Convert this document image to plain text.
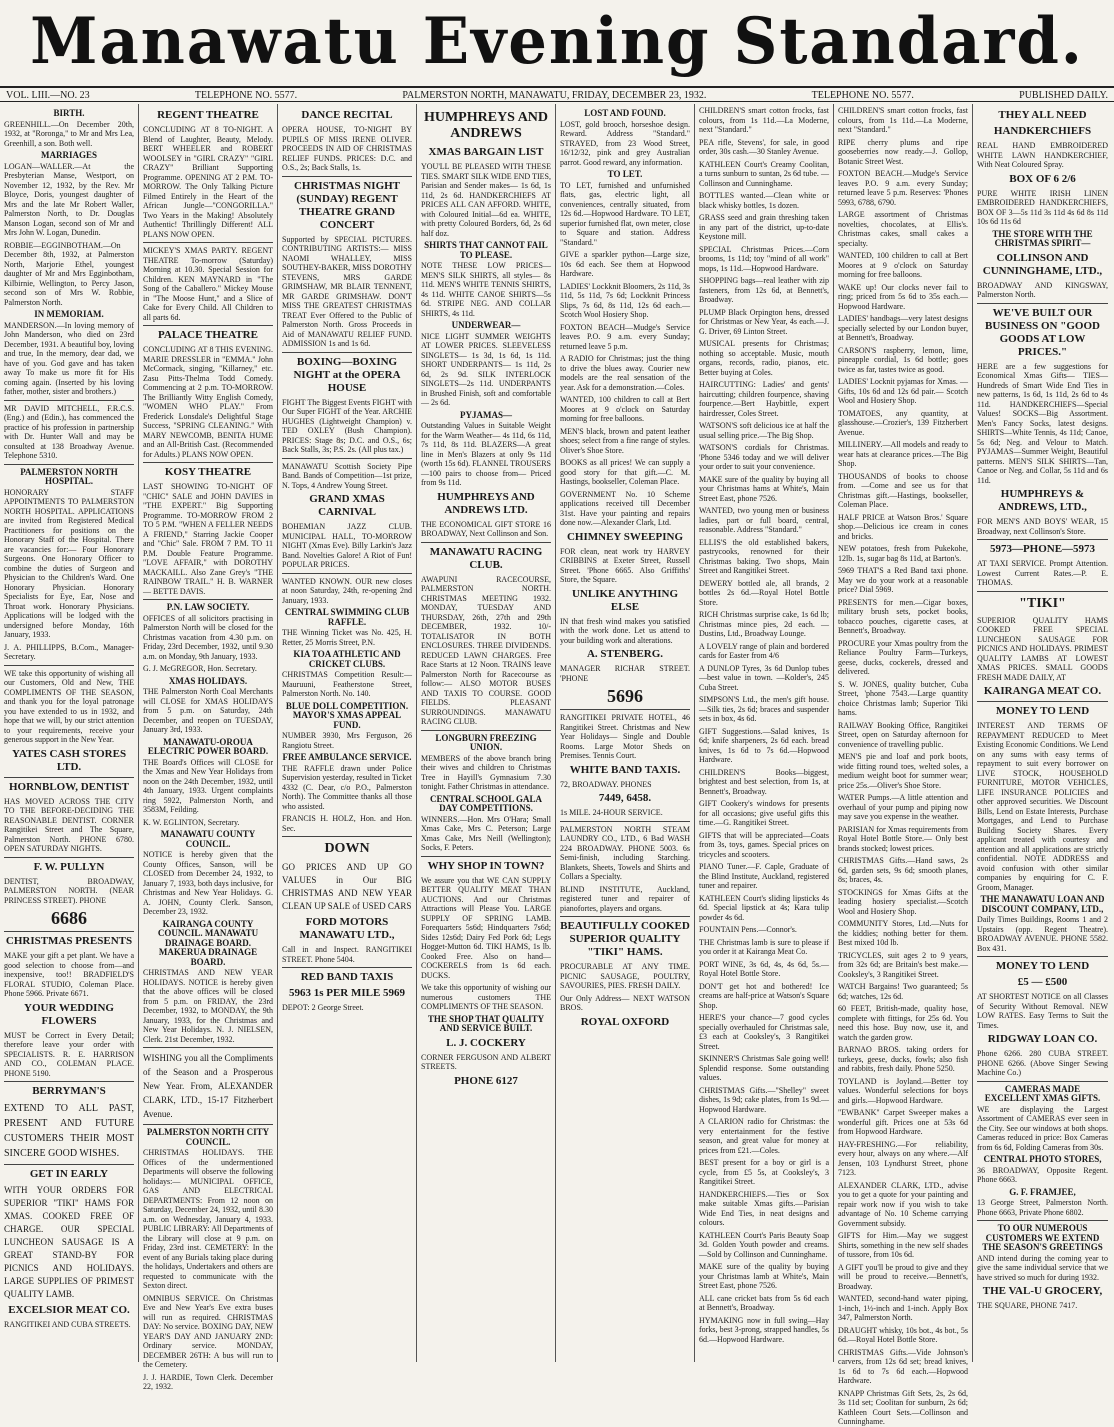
Manawatu Evening Standard.
VOL. LIII.—NO. 23	TELEPHONE NO. 5577.	PALMERSTON NORTH, MANAWATU, FRIDAY, DECEMBER 23, 1932.	TELEPHONE NO. 5577.	PUBLISHED DAILY.
BIRTH.

GREENHILL.—On December 20th, 1932, at "Roronga," to Mr and Mrs Lea, Greenhill, a son. Both well.

MARRIAGES

LOGAN—WALLER.—At the Presbyterian Manse, Westport, on November 12, 1932, by the Rev. Mr Bloyce, Doris, youngest daughter of Mrs and the late Mr Robert Waller, Palmerston North, to Dr. Douglas Manson Logan, second son of Mr and Mrs John W. Logan, Dunedin.

ROBBIE—EGGINBOTHAM.—On December 8th, 1932, at Palmerston North, Marjorie Ethel, youngest daughter of Mr and Mrs Egginbotham, Kilbirnie, Wellington, to Percy Jason, second son of Mrs W. Robbie, Palmerston North.

IN MEMORIAM.

MANDERSON.—In loving memory of John Manderson, who died on 23rd December, 1931. A beautiful boy, loving and true, In the memory, dear dad, we have of you. God gave and has taken away To make us more fit for His coming again. (Inserted by his loving father, mother, sister and brothers.)

MR DAVID MITCHELL, F.R.C.S. (Eng.) and (Edin.), has commenced the practice of his profession in partnership with Dr. Hunter Wall and may be consulted at 138 Broadway Avenue. Telephone 5310.

PALMERSTON NORTH HOSPITAL.

HONORARY STAFF APPOINTMENTS TO PALMERSTON NORTH HOSPITAL. APPLICATIONS are invited from Registered Medical Practitioners for positions on the Honorary Staff of the Hospital. There are vacancies for:— Four Honorary Surgeons. One Honorary Officer to combine the duties of Surgeon and Physician to the Children's Ward. One Honorary Physician. Honorary Specialists for Eye, Ear, Nose and Throat work. Honorary Physicians. Applications will be lodged with the undersigned before Monday, 16th January, 1933.

J. A. PHILLIPPS, B.Com., Manager-Secretary.

WE take this opportunity of wishing all our Customers, Old and New, THE COMPLIMENTS OF THE SEASON, and thank you for the loyal patronage you have extended to us in 1932, and hope that we will, by our strict attention to your requirements, receive your generous support in the New Year.

YATES CASH STORES LTD.
HORNBLOW, DENTIST

HAS MOVED ACROSS THE CITY TO THE BEFORE-DECIDING THE REASONABLE DENTIST. CORNER Rangitikei Street and The Square, Palmerston North. PHONE 6780. OPEN SATURDAY NIGHTS.

F. W. PULLYN

DENTIST, BROADWAY, PALMERSTON NORTH. (NEAR PRINCESS STREET). PHONE

6686
CHRISTMAS PRESENTS

MAKE your gift a pet plant. We have a good selection to choose from—and inexpensive, too!! BRADFIELD'S FLORAL STUDIO, Coleman Place. Phone 5966. Private 6671.

YOUR WEDDING FLOWERS

MUST be Correct in Every Detail; therefore leave your order with SPECIALISTS. R. E. HARRISON AND CO., COLEMAN PLACE. PHONE 5190.

BERRYMAN'S

EXTEND TO ALL PAST, PRESENT AND FUTURE CUSTOMERS THEIR MOST SINCERE GOOD WISHES.

GET IN EARLY

WITH YOUR ORDERS FOR SUPERIOR "TIKI" HAMS FOR XMAS. COOKED FREE OF CHARGE. OUR SPECIAL LUNCHEON SAUSAGE IS A GREAT STAND-BY FOR PICNICS AND HOLIDAYS. LARGE SUPPLIES OF PRIMEST QUALITY LAMB.

EXCELSIOR MEAT CO.

RANGITIKEI AND CUBA STREETS.

REGENT THEATRE

CONCLUDING AT 8 TO-NIGHT. A Blend of Laughter, Beauty, Melody. BERT WHEELER and ROBERT WOOLSEY in "GIRL CRAZY" "GIRL CRAZY" Brilliant Supporting Programme. OPENING AT 2 P.M. TO-MORROW. The Only Talking Picture Filmed Entirely in the Heart of the African Jungle—"CONGORILLA." Two Years in the Making! Absolutely Authentic! Thrillingly Different! ALL PLANS NOW OPEN.

MICKEY'S XMAS PARTY. REGENT THEATRE To-morrow (Saturday) Morning at 10.30. Special Session for Children. KEN MAYNARD in "The Song of the Caballero." Mickey Mouse in "The Moose Hunt," and a Slice of Cake for Every Child. All Children to all parts 6d.

PALACE THEATRE

CONCLUDING AT 8 THIS EVENING. MARIE DRESSLER in "EMMA." John McCormack, singing, "Killarney," etc. Zasu Pitts-Thelma Todd Comedy. Commencing at 2 p.m. TO-MORROW. The Brilliantly Witty English Comedy, "WOMEN WHO PLAY." From Frederick Lonsdale's Delightful Stage Success, "SPRING CLEANING." With MARY NEWCOMB, BENITA HUME and an All-British Cast. (Recommended for Adults.) PLANS NOW OPEN.

KOSY THEATRE

LAST SHOWING TO-NIGHT OF "CHIC" SALE and JOHN DAVIES in "THE EXPERT." Big Supporting Programme. TO-MORROW FROM 2 TO 5 P.M. "WHEN A FELLER NEEDS A FRIEND," Starring Jackie Cooper and "Chic" Sale. FROM 7 P.M. TO 11 P.M. Double Feature Programme. "LOVE AFFAIR," with DOROTHY MACKAILL. Also Zane Grey's "THE RAINBOW TRAIL." H. B. WARNER — BETTE DAVIS.

P.N. LAW SOCIETY.

OFFICES of all solicitors practising in Palmerston North will be closed for the Christmas vacation from 4.30 p.m. on Friday, 23rd December, 1932, until 9.30 a.m. on Monday, 9th January, 1933.

G. J. McGREGOR, Hon. Secretary.

XMAS HOLIDAYS.

THE Palmerston North Coal Merchants will CLOSE for XMAS HOLIDAYS from 5 p.m. on Saturday, 24th December, and reopen on TUESDAY, January 3rd, 1933.

MANAWATU-OROUA ELECTRIC POWER BOARD.

THE Board's Offices will CLOSE for the Xmas and New Year Holidays from noon on the 24th December, 1932, until 4th January, 1933. Urgent complaints ring 5922, Palmerston North, and 3583M, Feilding.

K. W. EGLINTON, Secretary.

MANAWATU COUNTY COUNCIL.

NOTICE is hereby given that the County Offices, Sanson, will be CLOSED from December 24, 1932, to January 7, 1933, both days inclusive, for Christmas and New Year Holidays. G. A. JOHN, County Clerk. Sanson, December 23, 1932.

KAIRANGA COUNTY COUNCIL. MANAWATU DRAINAGE BOARD. MAKERUA DRAINAGE BOARD.

CHRISTMAS AND NEW YEAR HOLIDAYS. NOTICE is hereby given that the above offices will be closed from 5 p.m. on FRIDAY, the 23rd December, 1932, to MONDAY, the 9th January, 1933, for the Christmas and New Year Holidays. N. J. NIELSEN, Clerk. 21st December, 1932.

WISHING you all the Compliments of the Season and a Prosperous New Year. From, ALEXANDER CLARK, LTD., 15-17 Fitzherbert Avenue.

PALMERSTON NORTH CITY COUNCIL.

CHRISTMAS HOLIDAYS. THE Offices of the undermentioned Departments will observe the following holidays:— MUNICIPAL OFFICE, GAS AND ELECTRICAL DEPARTMENTS: From 12 noon on Saturday, December 24, 1932, until 8.30 a.m. on Wednesday, January 4, 1933. PUBLIC LIBRARY: All Departments of the Library will close at 9 p.m. on Friday, 23rd inst. CEMETERY: In the event of any Burials taking place during the holidays, Undertakers and others are requested to communicate with the Sexton direct.

OMNIBUS SERVICE. On Christmas Eve and New Year's Eve extra buses will run as required. CHRISTMAS DAY: No service. BOXING DAY, NEW YEAR'S DAY AND JANUARY 2ND: Ordinary service. MONDAY, DECEMBER 26TH: A bus will run to the Cemetery.

J. J. HARDIE, Town Clerk. December 22, 1932.

DANCE RECITAL

OPERA HOUSE, TO-NIGHT BY PUPILS OF MISS IRENE OLIVER. PROCEEDS IN AID OF CHRISTMAS RELIEF FUNDS. PRICES: D.C. and O.S., 2s; Back Stalls, 1s.

CHRISTMAS NIGHT (SUNDAY) REGENT THEATRE GRAND CONCERT

Supported by SPECIAL PICTURES. CONTRIBUTING ARTISTS:— MISS NAOMI WHALLEY, MISS SOUTHEY-BAKER, MISS DOROTHY STEVENS, MRS GARDE GRIMSHAW, MR BLAIR TENNENT, MR GARDE GRIMSHAW. DON'T MISS THE GREATEST CHRISTMAS TREAT Ever Offered to the Public of Palmerston North. Gross Proceeds in Aid of MANAWATU RELIEF FUND. ADMISSION 1s and 1s 6d.

BOXING—BOXING NIGHT at the OPERA HOUSE

FIGHT The Biggest Events FIGHT with Our Super FIGHT of the Year. ARCHIE HUGHES (Lightweight Champion) v. TED OXLEY (Bush Champion). PRICES: Stage 8s; D.C. and O.S., 6s; Back Stalls, 3s; P.S. 2s. (All plus tax.)

MANAWATU Scottish Society Pipe Band. Bands of Competition—1st prize, N. Tops, 4 Andrew Young Street.

GRAND XMAS CARNIVAL

BOHEMIAN JAZZ CLUB. MUNICIPAL HALL, TO-MORROW NIGHT (Xmas Eve). Billy Larkin's Jazz Band. Novelties Galore! A Riot of Fun! POPULAR PRICES.

WANTED KNOWN. OUR new closes at noon Saturday, 24th, re-opening 2nd January, 1933.

CENTRAL SWIMMING CLUB RAFFLE.

THE Winning Ticket was No. 425, H. Retter, 25 Morris Street, P.N.

KIA TOA ATHLETIC AND CRICKET CLUBS.

CHRISTMAS Competition Result:— Mauruuni, Featherstone Street, Palmerston North. No. 140.

BLUE DOLL COMPETITION. MAYOR'S XMAS APPEAL FUND.

NUMBER 3930, Mrs Ferguson, 26 Rangiotu Street.

FREE AMBULANCE SERVICE.

THE RAFFLE drawn under Police Supervision yesterday, resulted in Ticket 4332 (C. Dear, c/o P.O., Palmerston North). The Committee thanks all those who assisted.

FRANCIS H. HOLZ, Hon. and Hon. Sec.

DOWN

GO PRICES AND UP GO VALUES in Our BIG CHRISTMAS AND NEW YEAR CLEAN UP SALE of USED CARS

FORD MOTORS MANAWATU LTD.,

Call in and Inspect. RANGITIKEI STREET. Phone 5404.

RED BAND TAXIS
5963 1s PER MILE 5969

DEPOT: 2 George Street.

HUMPHREYS AND ANDREWS
XMAS BARGAIN LIST

YOU'LL BE PLEASED WITH THESE TIES. SMART SILK WIDE END TIES, Parisian and Sender makes— 1s 6d, 1s 11d, 2s 6d. HANDKERCHIEFS AT PRICES ALL CAN AFFORD. WHITE, with Coloured Initial—6d ea. WHITE, with pretty Coloured Borders, 6d, 2s 6d half doz.

SHIRTS THAT CANNOT FAIL TO PLEASE.

NOTE THESE LOW PRICES— MEN'S SILK SHIRTS, all styles— 8s 11d. MEN'S WHITE TENNIS SHIRTS, 4s 11d. WHITE CANOE SHIRTS—5s 6d. STRIPE NEG. AND COLLAR SHIRTS, 4s 11d.

UNDERWEAR—

NICE LIGHT SUMMER WEIGHTS AT LOWER PRICES. SLEEVELESS SINGLETS— 1s 3d, 1s 6d, 1s 11d. SHORT UNDERPANTS— 1s 11d, 2s 6d, 2s 9d. SILK INTERLOCK SINGLETS—2s 11d. UNDERPANTS in Brushed Finish, soft and comfortable— 2s 6d.

PYJAMAS—

Outstanding Values in Suitable Weight for the Warm Weather— 4s 11d, 6s 11d, 7s 11d, 8s 11d. BLAZERS—A great line in Men's Blazers at only 9s 11d (worth 15s 6d). FLANNEL TROUSERS—100 pairs to choose from— Priced from 9s 11d.

HUMPHREYS AND ANDREWS LTD.

THE ECONOMICAL GIFT STORE 16 BROADWAY, Next Collinson and Son.

MANAWATU RACING CLUB.

AWAPUNI RACECOURSE, PALMERSTON NORTH. CHRISTMAS MEETING 1932. MONDAY, TUESDAY AND THURSDAY, 26th, 27th and 29th DECEMBER, 1932. 10/- TOTALISATOR IN BOTH ENCLOSURES. THREE DIVIDENDS. REDUCED LAWN CHARGES. Free Race Starts at 12 Noon. TRAINS leave Palmerston North for Racecourse as follow:— ALSO MOTOR BUSES AND TAXIS TO COURSE. GOOD FIELDS. PLEASANT SURROUNDINGS. MANAWATU RACING CLUB.

LONGBURN FREEZING UNION.

MEMBERS of the above branch bring their wives and children to Christmas Tree in Hayill's Gymnasium 7.30 tonight. Father Christmas in attendance.

CENTRAL SCHOOL GALA DAY COMPETITIONS.

WINNERS.—Hon. Mrs O'Hara; Small Xmas Cake, Mrs C. Peterson; Large Xmas Cake, Mrs Neill (Wellington); Socks, F. Peters.

WHY SHOP IN TOWN?

We assure you that WE CAN SUPPLY BETTER QUALITY MEAT THAN AUCTIONS. And our Christmas Attractions will Please You. LARGE SUPPLY OF SPRING LAMB. Forequarters 5s6d; Hindquarters 7s6d; Sides 12s6d; Dairy Fed Pork 6d; Legs Hogget-Mutton 6d. TIKI HAMS, 1s lb. Cooked Free. Also on hand— COCKERELS from 1s 6d each. DUCKS.

We take this opportunity of wishing our numerous customers THE COMPLIMENTS OF THE SEASON.

THE SHOP THAT QUALITY AND SERVICE BUILT.
L. J. COCKERY

CORNER FERGUSON AND ALBERT STREETS.

PHONE 6127
LOST AND FOUND.

LOST, gold brooch, horseshoe design. Reward. Address "Standard." STRAYED, from 23 Wood Street, 16/12/32, pink and grey Australian parrot. Good reward, any information.

TO LET.

TO LET, furnished and unfurnished flats, gas, electric light, all conveniences, centrally situated, from 12s 6d.—Hopwood Hardware. TO LET, superior furnished flat, own meter, close to Square and station. Address "Standard."

GIVE a sparkler python—Large size, 10s 6d each. See them at Hopwood Hardware.

LADIES' Lockknit Bloomers, 2s 11d, 3s 11d, 5s 11d, 7s 6d; Lockknit Princess Slips, 7s 6d, 8s 11d, 12s 6d each.— Scotch Wool Hosiery Shop.

FOXTON BEACH—Mudge's Service leaves P.O. 9 a.m. every Sunday; returned leave 5 p.m.

A RADIO for Christmas; just the thing to drive the blues away. Courier new models are the real sensation of the year. Ask for a demonstration.—Coles.

WANTED, 100 children to call at Bert Moores at 9 o'clock on Saturday morning for free balloons.

MEN'S black, brown and patent leather shoes; select from a fine range of styles. Oliver's Shoe Store.

BOOKS as all prices! We can supply a good story for that gift.—C. M. Hastings, bookseller, Coleman Place.

GOVERNMENT No. 10 Scheme applications received till December 31st. Have your painting and repairs done now.—Alexander Clark, Ltd.

CHIMNEY SWEEPING

FOR clean, neat work try HARVEY CRIBBINS at Exeter Street, Russell Street. 'Phone 6665. Also Griffiths' Store, the Square.

UNLIKE ANYTHING ELSE

IN that fresh wind makes you satisfied with the work done. Let us attend to your building work and alterations.

A. STENBERG.

MANAGER RICHAR STREET. 'PHONE

5696

RANGITIKEI PRIVATE HOTEL, 46 Rangitikei Street. Christmas and New Year Holidays— Single and Double Rooms. Large Motor Sheds on Premises. Tennis Court.

WHITE BAND TAXIS.

72, BROADWAY. PHONES

7449, 6458.

1s MILE. 24-HOUR SERVICE.

PALMERSTON NORTH STEAM LAUNDRY CO., LTD., 6 Bad WASH 224 BROADWAY. PHONE 5003. 6s Semi-finish, including Starching. Blankets, Sheets, Towels and Shirts and Collars a Specialty.

BLIND INSTITUTE, Auckland, registered tuner and repairer of pianofortes, players and organs.

BEAUTIFULLY COOKED SUPERIOR QUALITY "TIKI" HAMS.

PROCURABLE AT ANY TIME. PICNIC SAUSAGE, POULTRY, SAVOURIES, PIES. FRESH DAILY.

Our Only Address— NEXT WATSON BROS.

ROYAL OXFORD

CHILDREN'S smart cotton frocks, fast colours, from 1s 11d.—La Moderne, next "Standard."

PEA rifle, Stevens', for sale, in good order, 30s cash.—30 Stanley Avenue.

KATHLEEN Court's Creamy Coolitan, a turns sunburn to suntan, 2s 6d tube. —Collinson and Cunninghame.

BOTTLES wanted.—Clean white or black whisky bottles, 1s dozen.

GRASS seed and grain threshing taken in any part of the district, up-to-date Keystone mill.

SPECIAL Christmas Prices.—Corn brooms, 1s 11d; toy "mind of all work" mops, 1s 11d.—Hopwood Hardware.

SHOPPING bags—real leather with zip fasteners, from 12s 6d, at Bennett's, Broadway.

PLUMP Black Orpington hens, dressed for Christmas or New Year, 4s each.—J. G. Driver, 69 Linton Street.

MUSICAL presents for Christmas; nothing so acceptable. Music, mouth organs, records, radio, pianos, etc. Better buying at Coles.

HAIRCUTTING: Ladies' and gents' haircutting; children fourpence, shaving fourpence.—Bert Haybittle, expert hairdresser, Coles Street.

WATSON'S soft delicious ice at half the usual selling price.—The Big Shop.

WATSON'S cordials for Christmas. 'Phone 5346 today and we will deliver your order to suit your convenience.

MAKE sure of the quality by buying all your Christmas hams at White's, Main Street East, phone 7526.

WANTED, two young men or business ladies, part or full board, central, reasonable. Address "Standard."

ELLIS'S the old established bakers, pastrycooks, renowned for their Christmas baking. Two shops, Main Street and Rangitikei Street.

DEWERY bottled ale, all brands, 2 bottles 2s 6d.—Royal Hotel Bottle Store.

RICH Christmas surprise cake, 1s 6d lb; Christmas mince pies, 2d each. —Dustins, Ltd., Broadway Lounge.

A LOVELY range of plain and bordered cards for Easter from 4/6

A DUNLOP Tyres, 3s 6d Dunlop tubes—best value in town. —Kolder's, 245 Cuba Street.

SIMPSON'S Ltd., the men's gift house. —Silk ties, 2s 6d; braces and suspender sets in box, 4s 6d.

GIFT Suggestions.—Salad knives, 1s 6d; knife sharpeners, 2s 6d each. bread knives, 1s 6d to 7s 6d.—Hopwood Hardware.

CHILDREN'S Books—biggest, brightest and best selection, from 1s, at Bennett's, Broadway.

GIFT Cookery's windows for presents for all occasions; give useful gifts this time.—G. Rangitikei Street.

GIFTS that will be appreciated—Coats from 3s, toys, games. Special prices on tricycles and scooters.

PIANO Tuner.—F. Caple, Graduate of the Blind Institute, Auckland, registered tuner and repairer.

KATHLEEN Court's sliding lipsticks 4s 6d. Special lipstick at 4s; Kara tulip powder 4s 6d.

FOUNTAIN Pens.—Connor's.

THE Christmas lamb is sure to please if you order it at Kairanga Meat Co.

PORT WINE, 3s 6d, 4s, 4s 6d, 5s.— Royal Hotel Bottle Store.

DON'T get hot and bothered! Ice creams are half-price at Watson's Square Shop.

HERE'S your chance—7 good cycles specially overhauled for Christmas sale, £3 each at Cooksley's, 3 Rangitikei Street.

SKINNER'S Christmas Sale going well! Splendid response. Some outstanding values.

CHRISTMAS Gifts.—"Shelley" sweet dishes, 1s 9d; cake plates, from 1s 9d.—Hopwood Hardware.

A CLARION radio for Christmas: the very entertainment for the festive season, and great value for money at prices from £21.—Coles.

BEST present for a boy or girl is a cycle, from £5 5s, at Cooksley's, 3 Rangitikei Street.

HANDKERCHIEFS.—Ties or Sox make suitable Xmas gifts.—Parisian Wide End Ties, in neat designs and colours.

KATHLEEN Court's Paris Beauty Soap 3d. Golden Youth powder and creams.—Sold by Collinson and Cunninghame.

MAKE sure of the quality by buying your Christmas lamb at White's, Main Street East, phone 7526.

ALL cane cricket bats from 5s 6d each at Bennett's, Broadway.

HYMAKING now in full swing—Hay forks, best 3-prong, strapped handles, 5s 6d.—Hopwood Hardware.

CHILDREN'S smart cotton frocks, fast colours, from 1s 11d.—La Moderne, next "Standard."

RIPE cherry plums and ripe gooseberries now ready.—J. Gollop, Botanic Street West.

FOXTON BEACH.—Mudge's Service leaves P.O. 9 a.m. every Sunday; returned leave 5 p.m. Reserves: 'Phones 5993, 6788, 6790.

LARGE assortment of Christmas novelties, chocolates, at Ellis's. Christmas cakes, small cakes a specialty.

WANTED, 100 children to call at Bert Moores at 9 o'clock on Saturday morning for free balloons.

WAKE up! Our clocks never fail to ring; priced from 5s 6d to 35s each.—Hopwood Hardware.

LADIES' handbags—very latest designs specially selected by our London buyer, at Bennett's, Broadway.

CARSON'S raspberry, lemon, lime, pineapple cordial, 1s 6d bottle; goes twice as far, tastes twice as good.

LADIES' Locknit pyjamas for Xmas. —Gifts, 10s 6d and 12s 6d pair.— Scotch Wool and Hosiery Shop.

TOMATOES, any quantity, at glasshouse.—Crozier's, 139 Fitzherbert Avenue.

MILLINERY.—All models and ready to wear hats at clearance prices.—The Big Shop.

THOUSANDS of books to choose from. —Come and see us for that Christmas gift.—Hastings, bookseller, Coleman Place.

HALF PRICE at Watson Bros.' Square shop.—Delicious ice cream in cones and bricks.

NEW potatoes, fresh from Pukekohe, 12lb. 1s, sugar bag 8s 11d, at Barton's.

5969 THAT'S a Red Band taxi phone. May we do your work at a reasonable price? Dial 5969.

PRESENTS for men.—Cigar boxes, military brush sets, pocket books, tobacco pouches, cigarette cases, at Bennett's, Broadway.

PROCURE your Xmas poultry from the Reliance Poultry Farm—Turkeys, geese, ducks, cockerels, dressed and delivered.

S. W. JONES, quality butcher, Cuba Street, 'phone 7543.—Large quantity choice Christmas lamb; Superior Tiki hams.

RAILWAY Booking Office, Rangitikei Street, open on Saturday afternoon for convenience of travelling public.

MEN'S pie and loaf and pork boots, wide fitting round toes, welted soles, a medium weight boot for summer wear; price 25s.—Oliver's Shoe Store.

WATER Pumps.—A little attention and overhaul of your pump and piping now may save you expense in the weather.

PARISIAN for Xmas requirements from Royal Hotel Bottle Store.— Only best brands stocked; lowest prices.

CHRISTMAS Gifts.—Hand saws, 2s 6d, garden sets, 9s 6d; smooth planes, 8s; braces, 4s.

STOCKINGS for Xmas Gifts at the leading hosiery specialist.—Scotch Wool and Hosiery Shop.

COMMUNITY Stores, Ltd.—Nuts for the kiddies; nothing better for them. Best mixed 10d lb.

TRICYCLES, suit ages 2 to 9 years, from 32s 6d; are Britain's best make.—Cooksley's, 3 Rangitikei Street.

WATCH Bargains! Two guaranteed; 5s 6d; watches, 12s 6d.

60 FEET, British-made, quality hose, complete with fittings, for 25s 6d. You need this hose. Buy now, use it, and watch the garden grow.

BARNAO BROS. taking orders for turkeys, geese, ducks, fowls; also fish and rabbits, fresh daily. Phone 5250.

TOYLAND is Joyland.—Better toy values. Wonderful selections for boys and girls.—Hopwood Hardware.

"EWBANK" Carpet Sweeper makes a wonderful gift. Prices one at 53s 6d from Hopwood Hardware.

HAY-FRESHING.—For reliability, every hour, always on any where.—Alf Jensen, 103 Lyndhurst Street, phone 7123.

ALEXANDER CLARK, LTD., advise you to get a quote for your painting and repair work now if you wish to take advantage of No. 10 Scheme carrying Government subsidy.

GIFTS for Him.—May we suggest Shirts, something in the new self shades of tussore, from 10s 6d.

A GIFT you'll be proud to give and they will be proud to receive.—Bennett's, Broadway.

WANTED, second-hand water piping, 1-inch, 1½-inch and 1-inch. Apply Box 347, Palmerston North.

DRAUGHT whisky, 10s bot., 4s bot., 5s 6d.—Royal Hotel Bottle Store.

CHRISTMAS Gifts.—Vide Johnson's carvers, from 12s 6d set; bread knives, 1s 6d to 7s 6d each.—Hopwood Hardware.

KNAPP Christmas Gift Sets, 2s, 2s 6d, 3s 11d set; Coolitan for sunburn, 2s 6d; Kathleen Court Sets.—Collinson and Cunninghame.

THEY ALL NEED
HANDKERCHIEFS

REAL HAND EMBROIDERED WHITE LAWN HANDKERCHIEF, With Neat Coloured Spray.

BOX OF 6 2/6

PURE WHITE IRISH LINEN EMBROIDERED HANDKERCHIEFS, BOX OF 3—5s 11d 3s 11d 4s 6d 8s 11d 10s 6d 11s 6d

THE STORE WITH THE CHRISTMAS SPIRIT—
COLLINSON AND CUNNINGHAME, LTD.,

BROADWAY AND KINGSWAY, Palmerston North.

WE'VE BUILT OUR BUSINESS ON "GOOD GOODS AT LOW PRICES."

HERE are a few suggestions for Economical Xmas Gifts— TIES—Hundreds of Smart Wide End Ties in new patterns, 1s 6d, 1s 11d, 2s 6d to 4s 11d. HANDKERCHIEFS—Special Values! SOCKS—Big Assortment. Men's Fancy Socks, latest designs. SHIRTS—White Tennis, 4s 11d; Canoe, 5s 6d; Neg. and Velour to Match. PYJAMAS—Summer Weight, Beautiful patterns. MEN'S SILK SHIRTS—Tan, Canoe or Neg. and Collar, 5s 11d and 6s 11d.

HUMPHREYS & ANDREWS, LTD.,

FOR MEN'S AND BOYS' WEAR, 15 Broadway, next Collinson's Store.

5973—PHONE—5973

AT TAXI SERVICE. Prompt Attention. Lowest Current Rates.—P. E. THOMAS.

"TIKI"

SUPERIOR QUALITY HAMS COOKED FREE SPECIAL LUNCHEON SAUSAGE FOR PICNICS AND HOLIDAYS. PRIMEST QUALITY LAMBS AT LOWEST XMAS PRICES. SMALL GOODS FRESH MADE DAILY, AT

KAIRANGA MEAT CO.
MONEY TO LEND

INTEREST AND TERMS OF REPAYMENT REDUCED to Meet Existing Economic Conditions. We Lend on any sums with easy terms of repayment to suit every borrower on LIVE STOCK, HOUSEHOLD FURNITURE, MOTOR VEHICLES, LIFE INSURANCE POLICIES and other approved securities. We Discount Bills, Lend on Estate Interests, Purchase Mortgages, and Lend to Purchase Building Society Shares. Every applicant treated with courtesy and attention and all applications are strictly confidential. NOTE ADDRESS and avoid confusion with other similar companies by enquiring for C. F. Groom, Manager.

THE MANAWATU LOAN AND DISCOUNT COMPANY, LTD.,

Daily Times Buildings, Rooms 1 and 2 Upstairs (opp. Regent Theatre). BROADWAY AVENUE. PHONE 5582. Box 431.

MONEY TO LEND
£5 — £500

AT SHORTEST NOTICE on all Classes of Security Without Removal. NEW LOW RATES. Easy Terms to Suit the Times.

RIDGWAY LOAN CO.

Phone 6266. 280 CUBA STREET. PHONE 6266. (Above Singer Sewing Machine Co.)

CAMERAS MADE EXCELLENT XMAS GIFTS.

WE are displaying the Largest Assortment of CAMERAS ever seen in the City. See our windows at both shops. Cameras reduced in price: Box Cameras from 6s 6d, Folding Cameras from 30s.

CENTRAL PHOTO STORES,

36 BROADWAY, Opposite Regent. Phone 6663.

G. F. FRAMJEE,

13 George Street, Palmerston North. Phone 6663, Private Phone 6802.

TO OUR NUMEROUS CUSTOMERS WE EXTEND THE SEASON'S GREETINGS

AND intend during the coming year to give the same individual service that we have strived so much for during 1932.

THE VAL-U GROCERY,

THE SQUARE, PHONE 7417.
